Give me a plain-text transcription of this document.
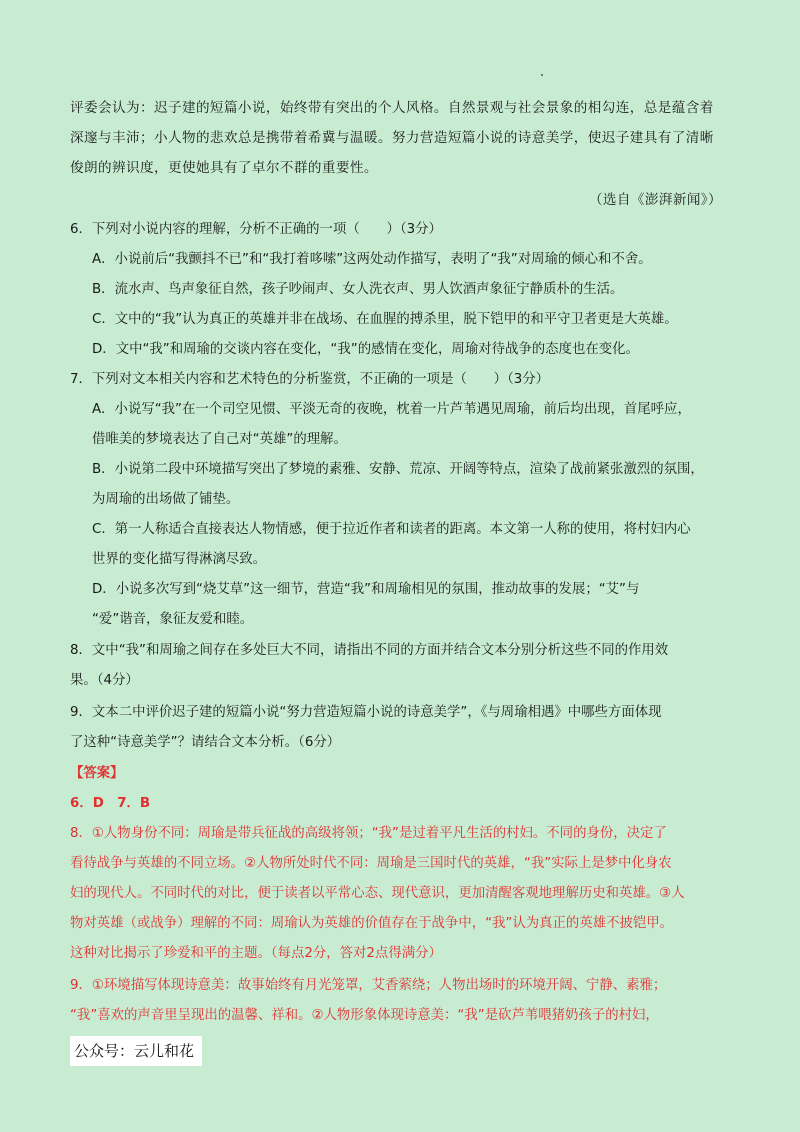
评委会认为：迟子建的短篇小说，始终带有突出的个人风格。自然景观与社会景象的相勾连，总是蕴含着
深邃与丰沛；小人物的悲欢总是携带着希冀与温暖。努力营造短篇小说的诗意美学，使迟子建具有了清晰
俊朗的辨识度，更使她具有了卓尔不群的重要性。
（选自《澎湃新闻》）
6．下列对小说内容的理解，分析不正确的一项（　　）（3分）
A．小说前后“我颤抖不已”和“我打着哆嗦”这两处动作描写，表明了“我”对周瑜的倾心和不舍。
B．流水声、鸟声象征自然，孩子吵闹声、女人洗衣声、男人饮酒声象征宁静质朴的生活。
C．文中的“我”认为真正的英雄并非在战场、在血腥的搏杀里，脱下铠甲的和平守卫者更是大英雄。
D．文中“我”和周瑜的交谈内容在变化，“我”的感情在变化，周瑜对待战争的态度也在变化。
7．下列对文本相关内容和艺术特色的分析鉴赏，不正确的一项是（　　）（3分）
A．小说写“我”在一个司空见惯、平淡无奇的夜晚，枕着一片芦苇遇见周瑜，前后均出现，首尾呼应，
借唯美的梦境表达了自己对“英雄”的理解。
B．小说第二段中环境描写突出了梦境的素雅、安静、荒凉、开阔等特点，渲染了战前紧张激烈的氛围，
为周瑜的出场做了铺垫。
C．第一人称适合直接表达人物情感，便于拉近作者和读者的距离。本文第一人称的使用，将村妇内心
世界的变化描写得淋漓尽致。
D．小说多次写到“烧艾草”这一细节，营造“我”和周瑜相见的氛围，推动故事的发展；“艾”与
“爱”谐音，象征友爱和睦。
8．文中“我”和周瑜之间存在多处巨大不同，请指出不同的方面并结合文本分别分析这些不同的作用效
果。（4分）
9．文本二中评价迟子建的短篇小说“努力营造短篇小说的诗意美学”，《与周瑜相遇》中哪些方面体现
了这种“诗意美学”？请结合文本分析。（6分）
【答案】
6．D　7．B
8．①人物身份不同：周瑜是带兵征战的高级将领；“我”是过着平凡生活的村妇。不同的身份，决定了
看待战争与英雄的不同立场。②人物所处时代不同：周瑜是三国时代的英雄，“我”实际上是梦中化身农
妇的现代人。不同时代的对比，便于读者以平常心态、现代意识，更加清醒客观地理解历史和英雄。③人
物对英雄（或战争）理解的不同：周瑜认为英雄的价值存在于战争中，“我”认为真正的英雄不披铠甲。
这种对比揭示了珍爱和平的主题。（每点2分，答对2点得满分）
9．①环境描写体现诗意美：故事始终有月光笼罩，艾香萦绕；人物出场时的环境开阔、宁静、素雅；
“我”喜欢的声音里呈现出的温馨、祥和。②人物形象体现诗意美：“我”是砍芦苇喂猪奶孩子的村妇，
公众号：云儿和花
